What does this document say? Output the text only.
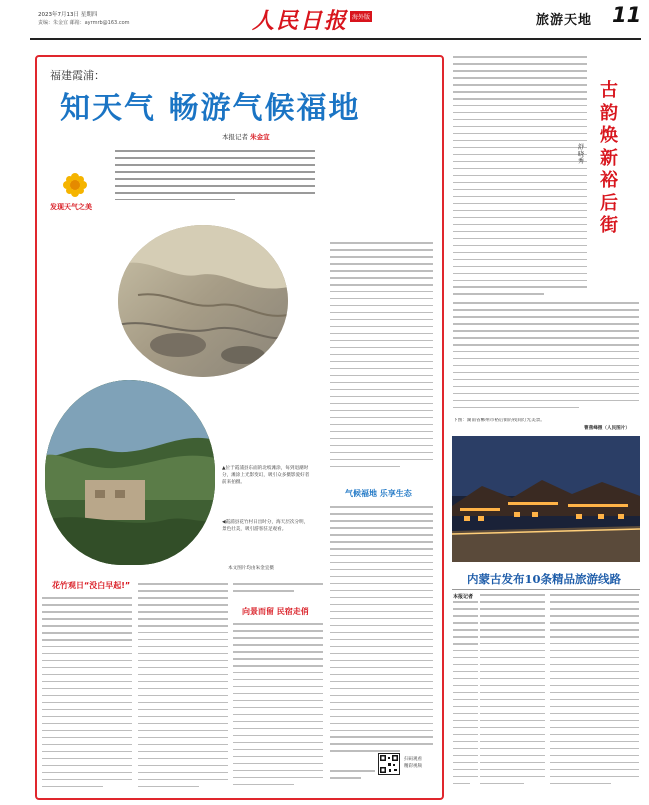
2023年7月13日 星期四
责编：朱金宜 邮箱：ayrmrb@163.com	人民日报 海外版	旅游天地 11
福建霞浦：
知天气 畅游气候福地
本报记者 朱金宜
发现天气之美
▲位于霞浦县东面的北岐滩涂，每到退潮时分，滩涂上光影变幻，吸引众多摄影爱好者前来拍摄。
◀霞浦县花竹村日出时分，海天层次分明，景色壮美，吸引游客驻足观看。
本文图片均由朱金宜摄
气候福地 乐享生态
扫码观看
精彩视频
花竹观日“没白早起!”
向景而留 民宿走俏
古韵焕新裕后街
舒晓秀
下图：湖南省郴州市裕后街的夜间灯光美景。
曹燕峰摄（人民图片）
内蒙古发布10条精品旅游线路
本报记者
